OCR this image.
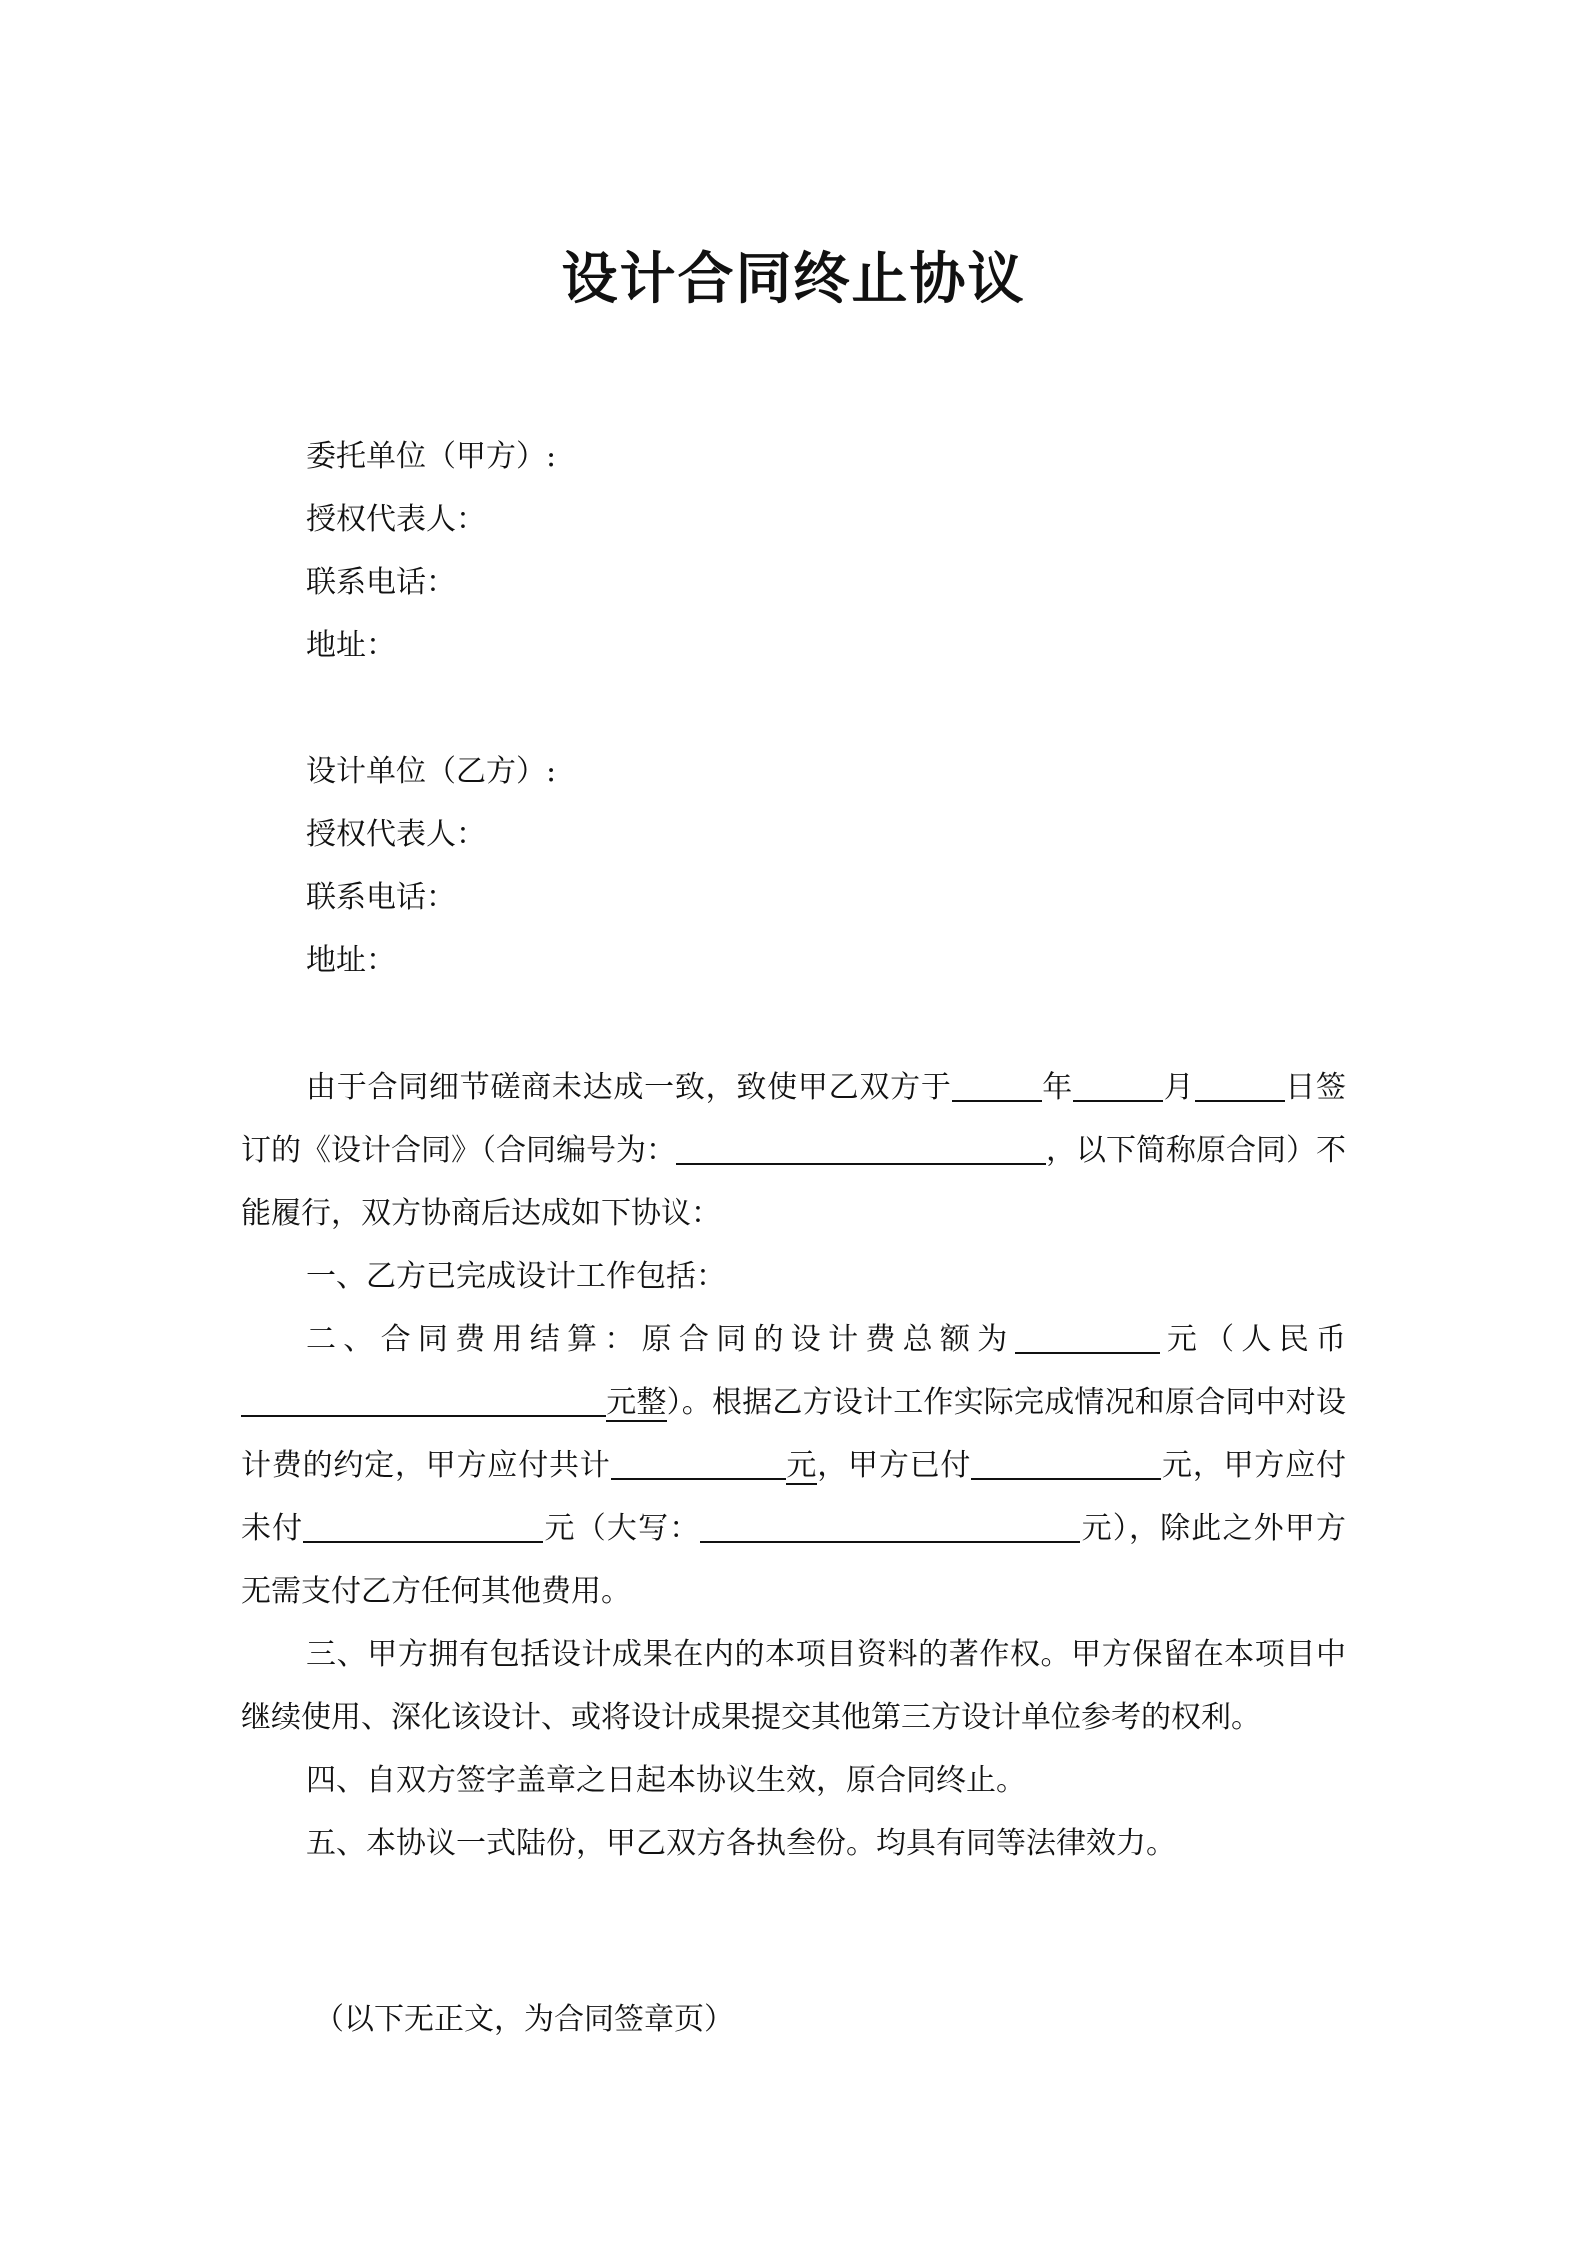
设计合同终止协议
委托单位（甲方）:
授权代表人：
联系电话：
地址：
设计单位（乙方）:
授权代表人：
联系电话：
地址：
由于合同细节磋商未达成一致，致使甲乙双方于	年	月	日签订的《设计合同》（合同编号为：	，以下简称原合同）不能履行，双方协商后达成如下协议：
一、乙方已完成设计工作包括：
二、合同费用结算：原合同的设计费总额为	元（人民币元整）。根据乙方设计工作实际完成情况和原合同中对设计费的约定，甲方应付共计	元，甲方已付	元，甲方应付未付	元（大写：	元），除此之外甲方无需支付乙方任何其他费用。
三、甲方拥有包括设计成果在内的本项目资料的著作权。甲方保留在本项目中继续使用、深化该设计、或将设计成果提交其他第三方设计单位参考的权利。
四、自双方签字盖章之日起本协议生效，原合同终止。
五、本协议一式陆份，甲乙双方各执叁份。均具有同等法律效力。
（以下无正文，为合同签章页）
